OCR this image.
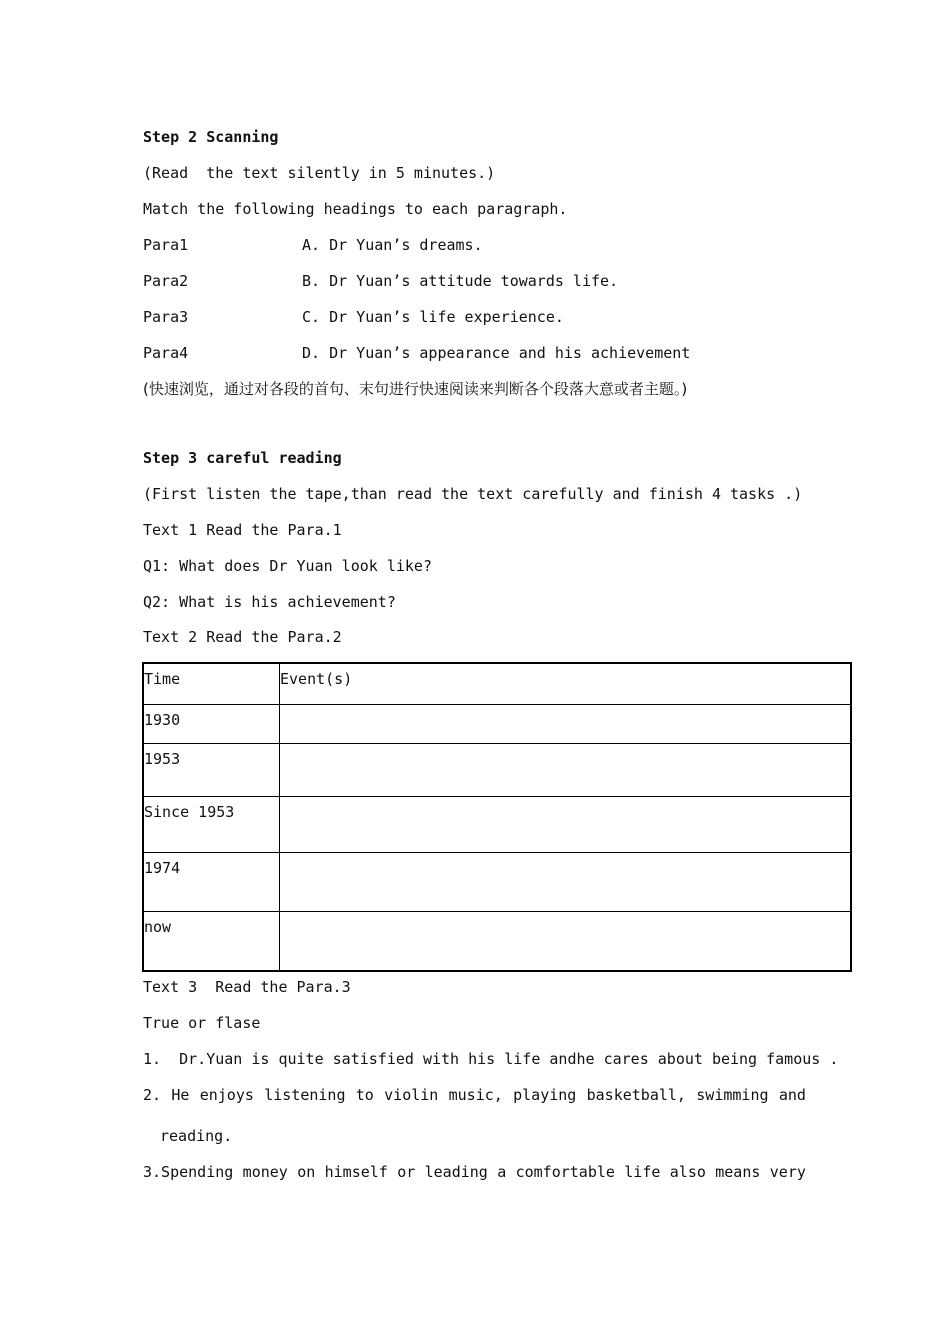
Step 2 Scanning
(Read  the text silently in 5 minutes.)
Match the following headings to each paragraph.
Para1	A. Dr Yuan’s dreams.
Para2	B. Dr Yuan’s attitude towards life.
Para3	C. Dr Yuan’s life experience.
Para4	D. Dr Yuan’s appearance and his achievement
(快速浏览，通过对各段的首句、末句进行快速阅读来判断各个段落大意或者主题。)
Step 3 careful reading
(First listen the tape,than read the text carefully and finish 4 tasks .)
Text 1 Read the Para.1
Q1: What does Dr Yuan look like?
Q2: What is his achievement?
Text 2 Read the Para.2
Time	Event(s)
1930	
1953	
Since 1953	
1974	
now	
Text 3  Read the Para.3
True or flase
1.  Dr.Yuan is quite satisfied with his life andhe cares about being famous .
2. He enjoys listening to violin music, playing basketball, swimming and
reading.
3.Spending money on himself or leading a comfortable life also means very
